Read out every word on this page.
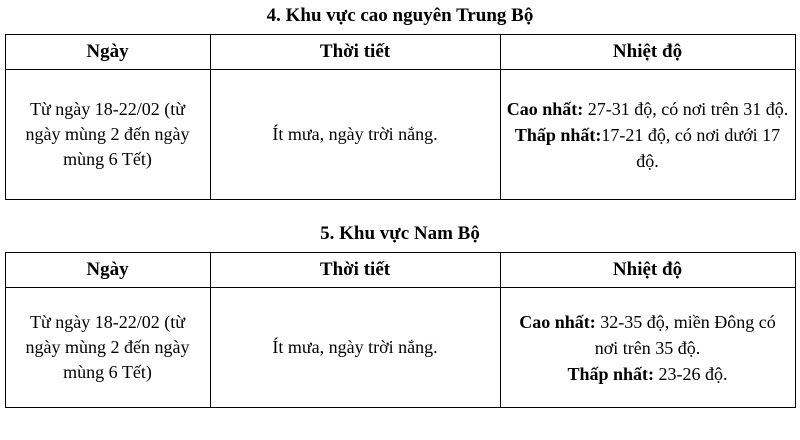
4. Khu vực cao nguyên Trung Bộ
Ngày	Thời tiết	Nhiệt độ
Từ ngày 18-22/02 (từ ngày mùng 2 đến ngày mùng 6 Tết)	Ít mưa, ngày trời nắng.	Cao nhất: 27-31 độ, có nơi trên 31 độ.
Thấp nhất:17-21 độ, có nơi dưới 17 độ.
5. Khu vực Nam Bộ
Ngày	Thời tiết	Nhiệt độ
Từ ngày 18-22/02 (từ ngày mùng 2 đến ngày mùng 6 Tết)	Ít mưa, ngày trời nắng.	Cao nhất: 32-35 độ, miền Đông có nơi trên 35 độ.
Thấp nhất: 23-26 độ.
